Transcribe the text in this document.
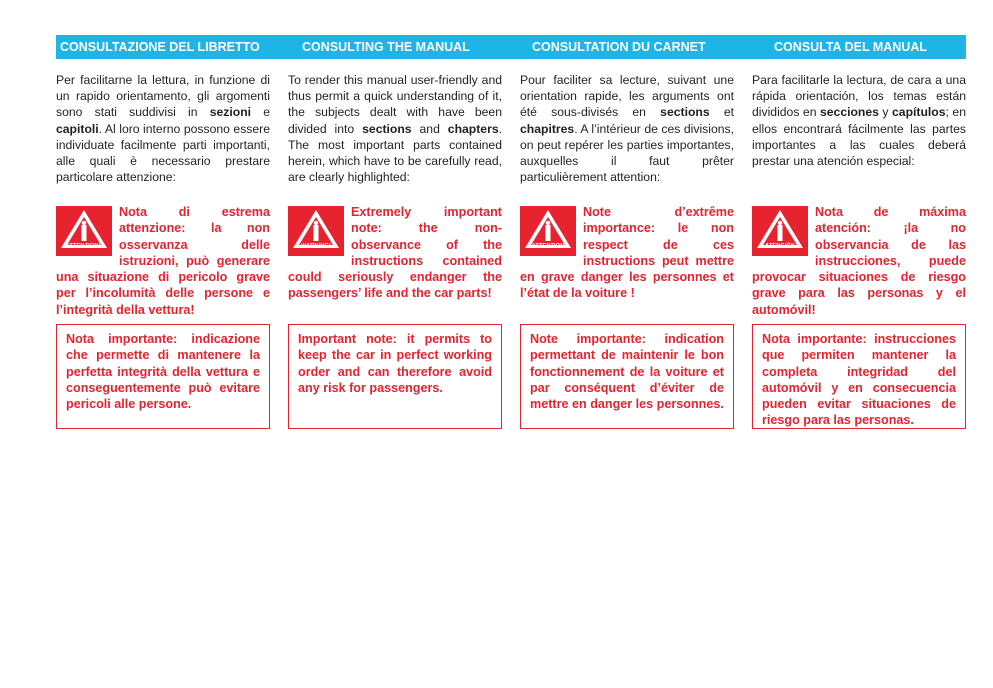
CONSULTAZIONE DEL LIBRETTO	CONSULTING THE MANUAL	CONSULTATION DU CARNET	CONSULTA DEL MANUAL
Per facilitarne la lettura, in funzione di un rapido orientamento, gli argomenti sono stati suddivisi in sezioni e capitoli. Al loro interno possono essere individuate facilmente parti importanti, alle quali è necessario prestare particolare attenzione:
ATTENZIONE
Nota di estrema attenzione: la non osservanza delle istruzioni, può generare una situazione di pericolo grave per l’incolumità delle persone e l’integrità della vettura!
Nota importante: indicazione che permette di mantenere la perfetta integrità della vettura e conseguentemente può evitare pericoli alle persone.
To render this manual user-friendly and thus permit a quick understanding of it, the subjects dealt with have been divided into sections and chapters. The most important parts contained herein, which have to be carefully read, are clearly highlighted:
WARNING!
Extremely important note: the non-observance of the instructions contained could seriously endanger the passengers’ life and the car parts!
Important note: it permits to keep the car in perfect working order and can therefore avoid any risk for passengers.
Pour faciliter sa lecture, suivant une orientation rapide, les arguments ont été sous-divisés en sections et chapitres. A l’intérieur de ces divisions, on peut repérer les parties importantes, auxquelles il faut prêter particulièrement attention:
ATTENTION
Note d’extrême importance: le non respect de ces instructions peut mettre en grave danger les personnes et l’état de la voiture !
Note importante: indication permettant de maintenir le bon fonctionnement de la voiture et par conséquent d’éviter de mettre en danger les personnes.
Para facilitarle la lectura, de cara a una rápida orientación, los temas están divididos en secciones y capítulos; en ellos encontrará fácilmente las partes importantes a las cuales deberá prestar una atención especial:
ATENCIÓN
Nota de máxima atención: ¡la no observancia de las instrucciones, puede provocar situaciones de riesgo grave para las personas y el automóvil!
Nota importante: instrucciones que permiten mantener la completa integridad del automóvil y en consecuencia pueden evitar situaciones de riesgo para las personas.
